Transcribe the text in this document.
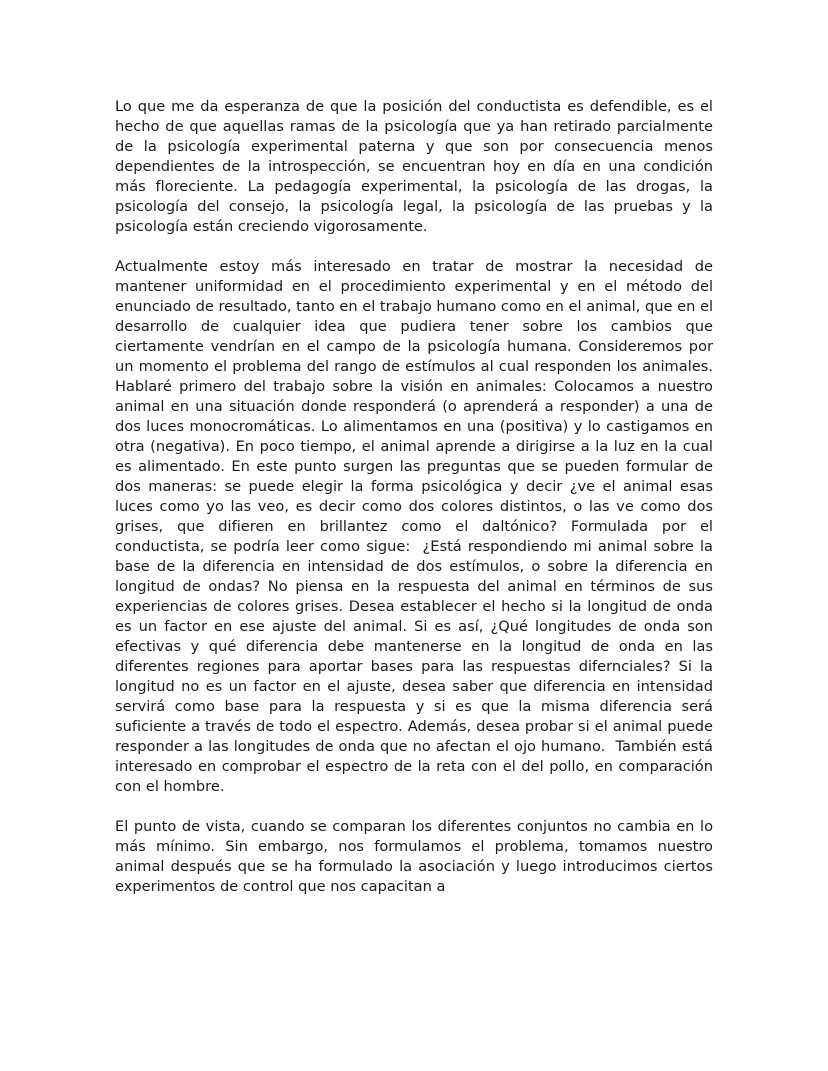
Lo que me da esperanza de que la posición del conductista es defendible, es el hecho de que aquellas ramas de la psicología que ya han retirado parcialmente de la psicología experimental paterna y que son por consecuencia menos dependientes de la introspección, se encuentran hoy en día en una condición más floreciente. La pedagogía experimental, la psicología de las drogas, la psicología del consejo, la psicología legal, la psicología de las pruebas y la psicología están creciendo vigorosamente.

Actualmente estoy más interesado en tratar de mostrar la necesidad de mantener uniformidad en el procedimiento experimental y en el método del enunciado de resultado, tanto en el trabajo humano como en el animal, que en el desarrollo de cualquier idea que pudiera tener sobre los cambios que ciertamente vendrían en el campo de la psicología humana. Consideremos por un momento el problema del rango de estímulos al cual responden los animales. Hablaré primero del trabajo sobre la visión en animales: Colocamos a nuestro animal en una situación donde responderá (o aprenderá a responder) a una de dos luces monocromáticas. Lo alimentamos en una (positiva) y lo castigamos en otra (negativa). En poco tiempo, el animal aprende a dirigirse a la luz en la cual es alimentado. En este punto surgen las preguntas que se pueden formular de dos maneras: se puede elegir la forma psicológica y decir ¿ve el animal esas luces como yo las veo, es decir como dos colores distintos, o las ve como dos grises, que difieren en brillantez como el daltónico? Formulada por el conductista, se podría leer como sigue:  ¿Está respondiendo mi animal sobre la base de la diferencia en intensidad de dos estímulos, o sobre la diferencia en longitud de ondas? No piensa en la respuesta del animal en términos de sus experiencias de colores grises. Desea establecer el hecho si la longitud de onda es un factor en ese ajuste del animal. Si es así, ¿Qué longitudes de onda son efectivas y qué diferencia debe mantenerse en la longitud de onda en las diferentes regiones para aportar bases para las respuestas difernciales? Si la longitud no es un factor en el ajuste, desea saber que diferencia en intensidad servirá como base para la respuesta y si es que la misma diferencia será suficiente a través de todo el espectro. Además, desea probar si el animal puede responder a las longitudes de onda que no afectan el ojo humano.  También está interesado en comprobar el espectro de la reta con el del pollo, en comparación con el hombre.

El punto de vista, cuando se comparan los diferentes conjuntos no cambia en lo más mínimo. Sin embargo, nos formulamos el problema, tomamos nuestro animal después que se ha formulado la asociación y luego introducimos ciertos experimentos de control que nos capacitan a
